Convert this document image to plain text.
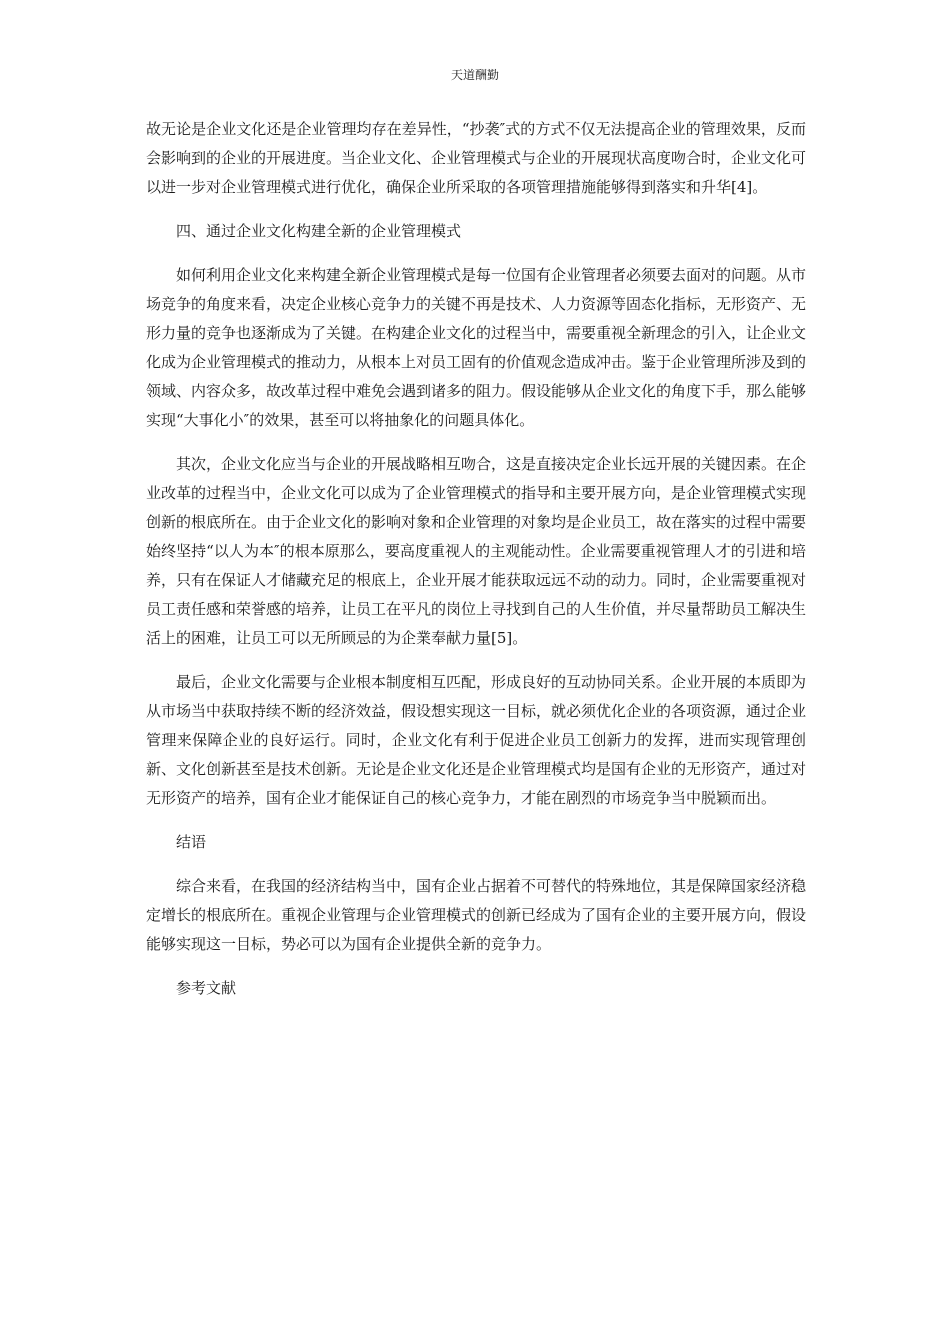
天道酬勤

故无论是企业文化还是企业管理均存在差异性，“抄袭″式的方式不仅无法提高企业的管理效果，反而会影响到的企业的开展进度。当企业文化、企业管理模式与企业的开展现状高度吻合时，企业文化可以进一步对企业管理模式进行优化，确保企业所采取的各项管理措施能够得到落实和升华[4]。

四、通过企业文化构建全新的企业管理模式

如何利用企业文化来构建全新企业管理模式是每一位国有企业管理者必须要去面对的问题。从市场竞争的角度来看，决定企业核心竞争力的关键不再是技术、人力资源等固态化指标，无形资产、无形力量的竞争也逐渐成为了关键。在构建企业文化的过程当中，需要重视全新理念的引入，让企业文化成为企业管理模式的推动力，从根本上对员工固有的价值观念造成冲击。鉴于企业管理所涉及到的领域、内容众多，故改革过程中难免会遇到诸多的阻力。假设能够从企业文化的角度下手，那么能够实现“大事化小″的效果，甚至可以将抽象化的问题具体化。

其次，企业文化应当与企业的开展战略相互吻合，这是直接决定企业长远开展的关键因素。在企业改革的过程当中，企业文化可以成为了企业管理模式的指导和主要开展方向，是企业管理模式实现创新的根底所在。由于企业文化的影响对象和企业管理的对象均是企业员工，故在落实的过程中需要始终坚持“以人为本″的根本原那么，要高度重视人的主观能动性。企业需要重视管理人才的引进和培养，只有在保证人才储藏充足的根底上，企业开展才能获取远远不动的动力。同时，企业需要重视对员工责任感和荣誉感的培养，让员工在平凡的岗位上寻找到自己的人生价值，并尽量帮助员工解决生活上的困难，让员工可以无所顾忌的为企業奉献力量[5]。

最后，企业文化需要与企业根本制度相互匹配，形成良好的互动协同关系。企业开展的本质即为从市场当中获取持续不断的经济效益，假设想实现这一目标，就必须优化企业的各项资源，通过企业管理来保障企业的良好运行。同时，企业文化有利于促进企业员工创新力的发挥，进而实现管理创新、文化创新甚至是技术创新。无论是企业文化还是企业管理模式均是国有企业的无形资产，通过对无形资产的培养，国有企业才能保证自己的核心竞争力，才能在剧烈的市场竞争当中脱颖而出。

结语

综合来看，在我国的经济结构当中，国有企业占据着不可替代的特殊地位，其是保障国家经济稳定增长的根底所在。重视企业管理与企业管理模式的创新已经成为了国有企业的主要开展方向，假设能够实现这一目标，势必可以为国有企业提供全新的竞争力。

参考文献
